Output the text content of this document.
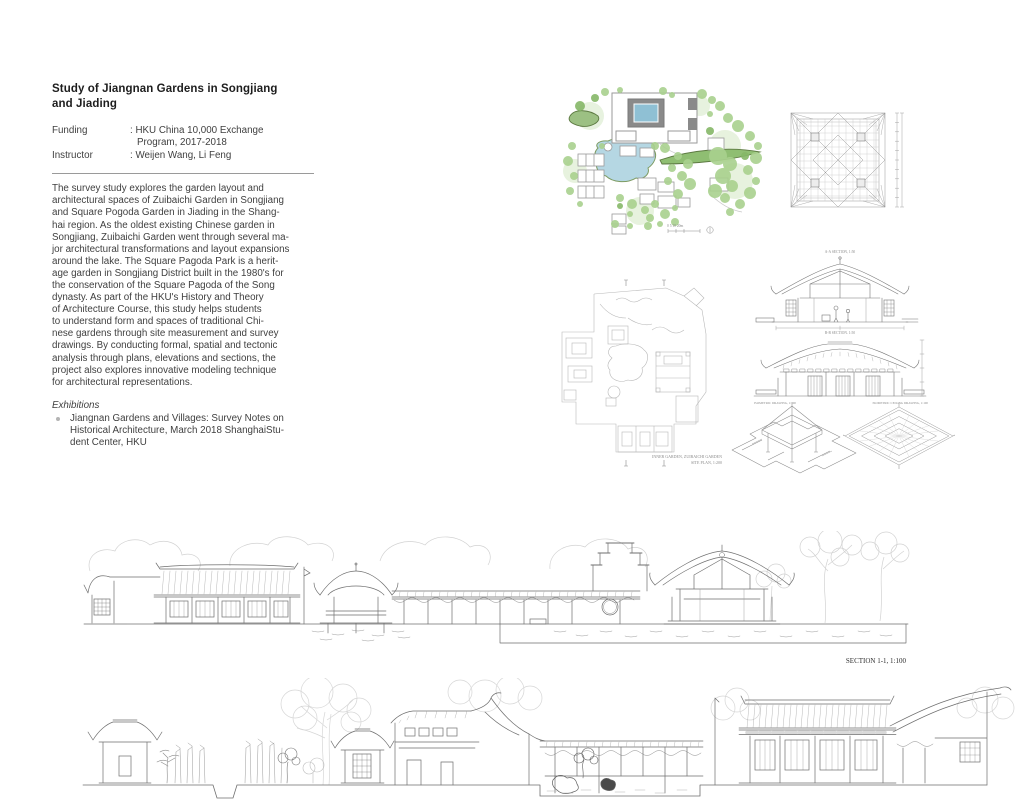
Study of Jiangnan Gardens in Songjiang
and Jiading
Funding	: HKU China 10,000 Exchange
Program, 2017-2018
Instructor	: Weijen Wang, Li Feng
The survey study explores the garden layout and
architectural spaces of Zuibaichi Garden in Songjiang
and Square Pogoda Garden in Jiading in the Shang-
hai region. As the oldest existing Chinese garden in
Songjiang, Zuibaichi Garden went through several ma-
jor architectural transformations and layout expansions
around the lake. The Square Pagoda Park is a herit-
age garden in Songjiang District built in the 1980's for
the conservation of the Square Pagoda of the Song
dynasty. As part of the HKU's History and Theory
of Architecture Course, this study helps students
to understand form and spaces of traditional Chi-
nese gardens through site measurement and survey
drawings. By conducting formal, spatial and tectonic
analysis through plans, elevations and sections, the
project also explores innovative modeling technique
for architectural representations.
Exhibitions
Jiangnan Gardens and Villages: Survey Notes on
Historical Architecture, March 2018 ShanghaiStu-
dent Center, HKU
0 5 10 20m
INNER GARDEN, ZUIBAICHI GARDEN
SITE PLAN, 1:200
A-A SECTION, 1:50
B-B SECTION, 1:50
ISOMETRIC DRAWING, 1:100	ISOMETRIC CEILING DRAWING, 1:100
SECTION 1-1, 1:100
